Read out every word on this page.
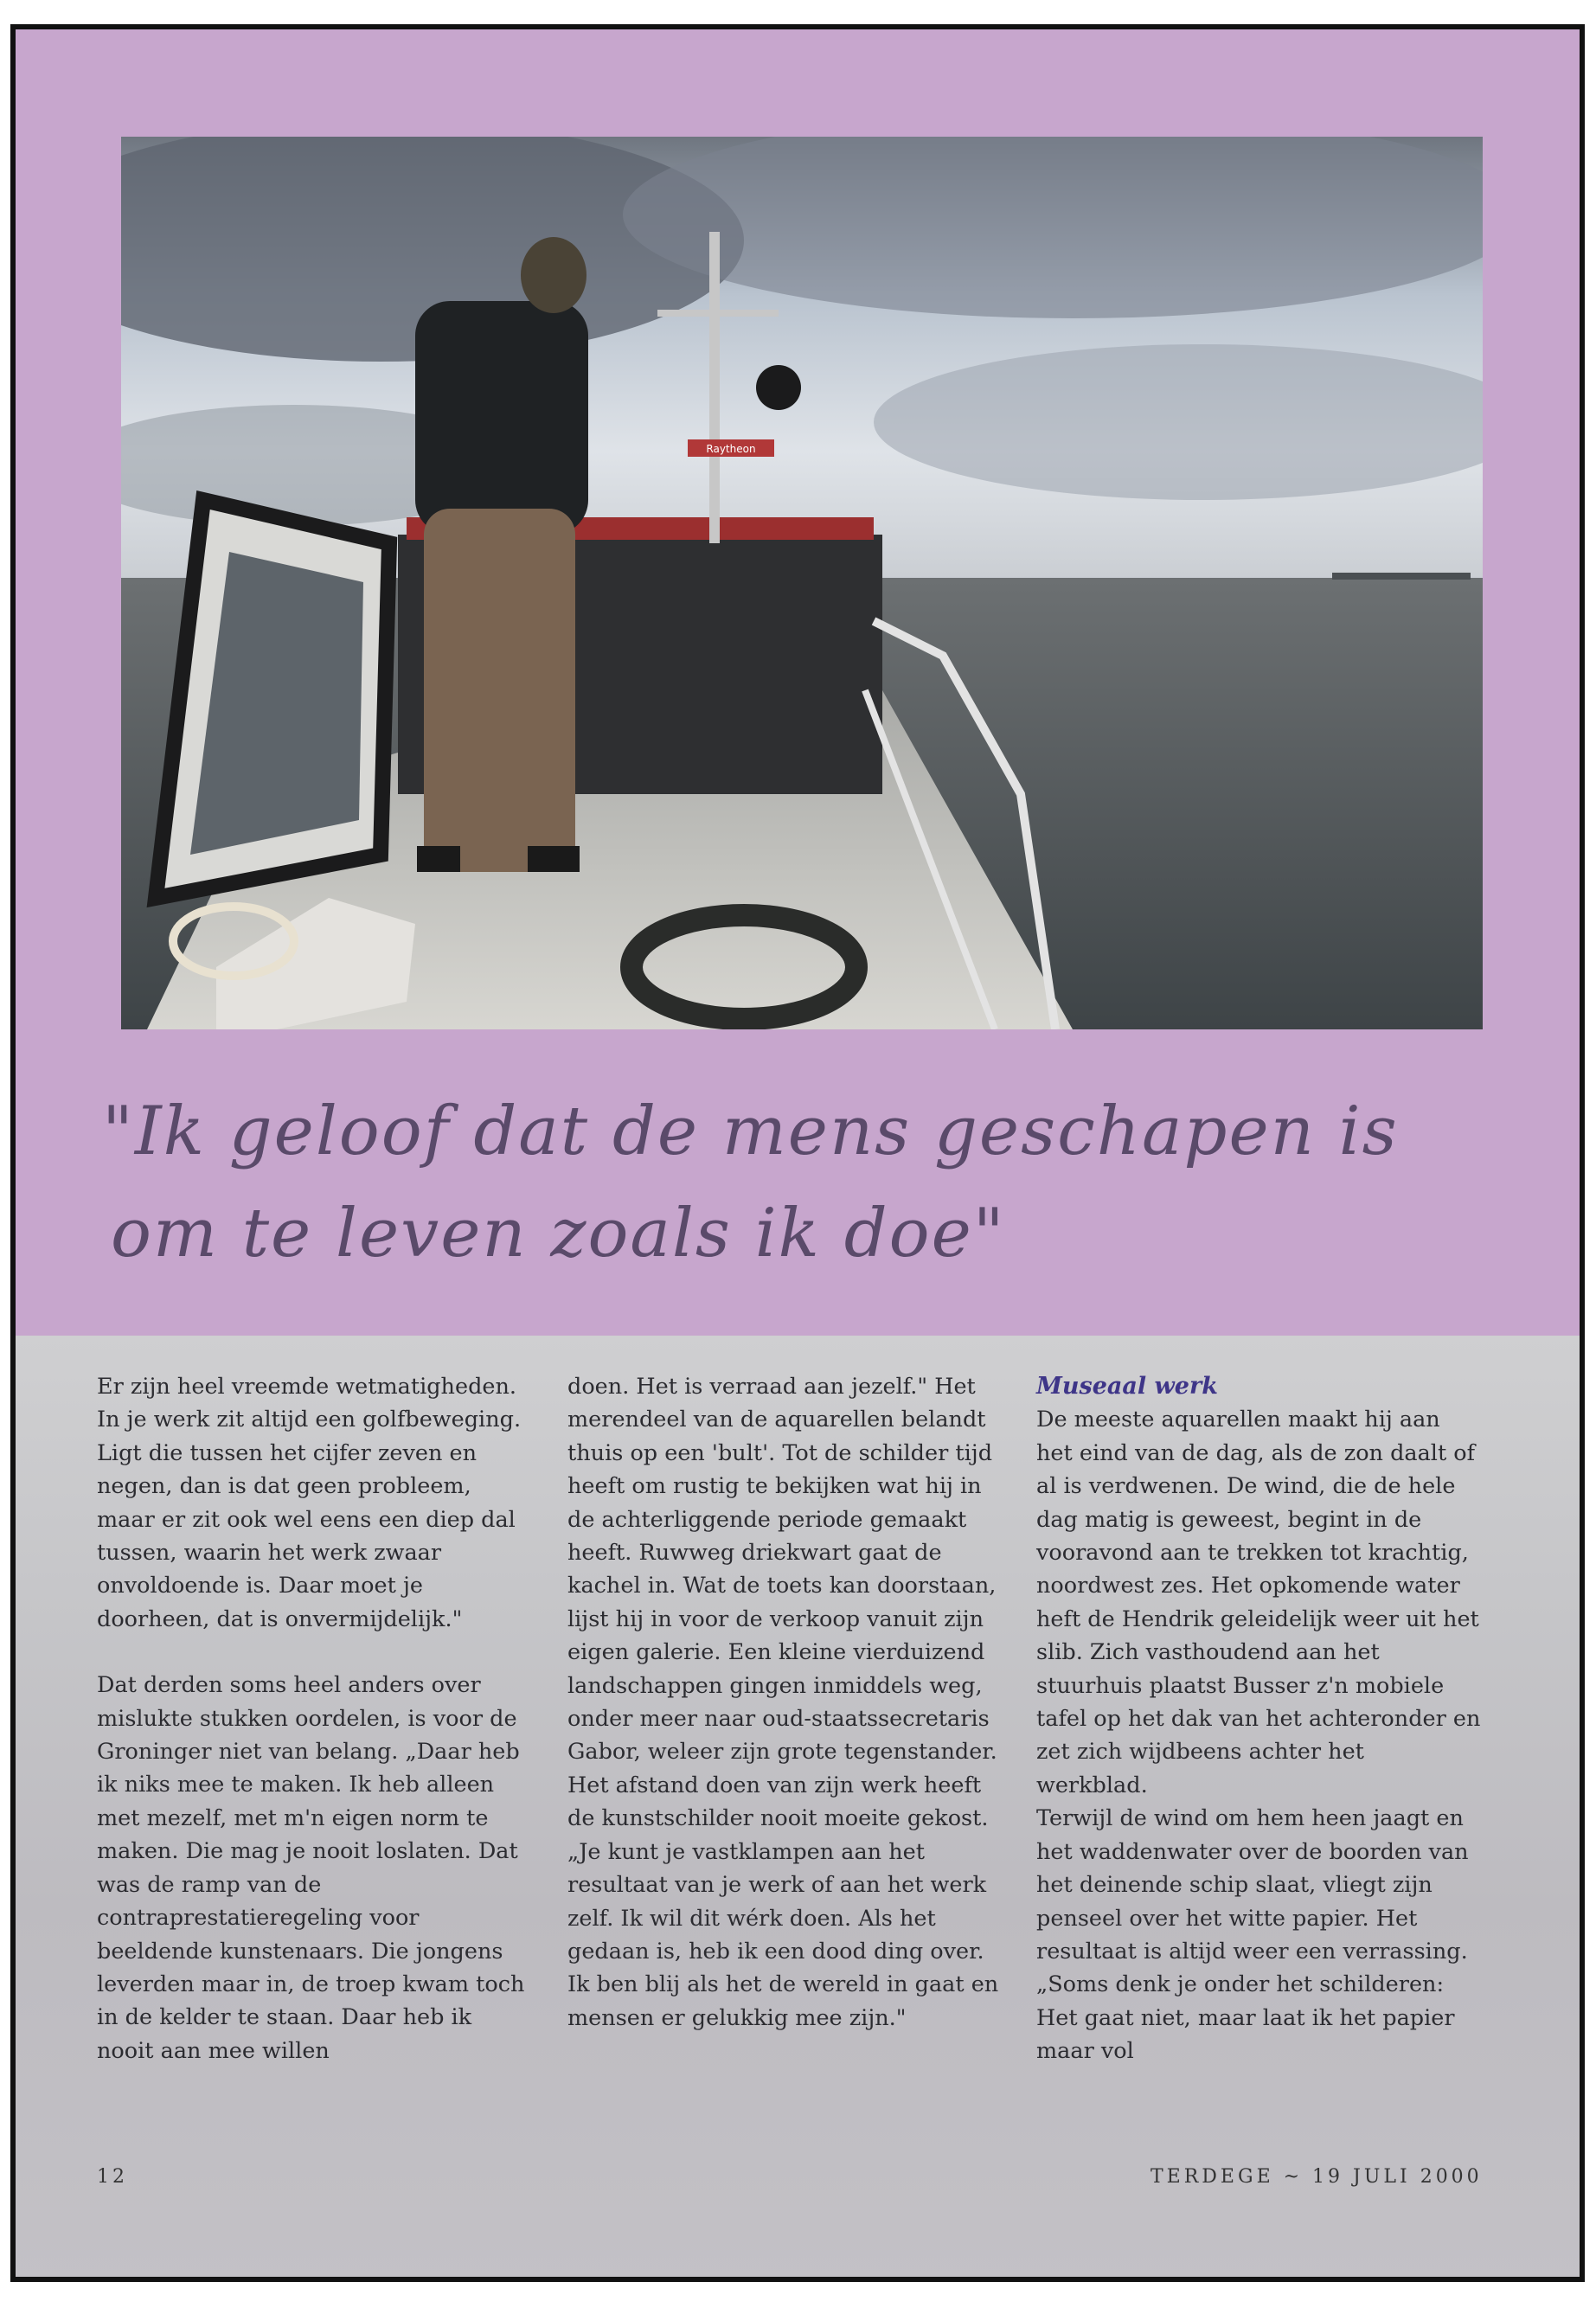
Raytheon
"Ik geloof dat de mens geschapen is
om te leven zoals ik doe"

Er zijn heel vreemde wetmatigheden. In je werk zit altijd een golfbeweging. Ligt die tussen het cijfer zeven en negen, dan is dat geen probleem, maar er zit ook wel eens een diep dal tussen, waarin het werk zwaar onvoldoende is. Daar moet je doorheen, dat is onvermijdelijk."

Dat derden soms heel anders over mislukte stukken oordelen, is voor de Groninger niet van belang. „Daar heb ik niks mee te maken. Ik heb alleen met mezelf, met m'n eigen norm te maken. Die mag je nooit loslaten. Dat was de ramp van de contraprestatieregeling voor beeldende kunstenaars. Die jongens leverden maar in, de troep kwam toch in de kelder te staan. Daar heb ik nooit aan mee willen

doen. Het is verraad aan jezelf." Het merendeel van de aquarellen belandt thuis op een 'bult'. Tot de schilder tijd heeft om rustig te bekijken wat hij in de achterliggende periode gemaakt heeft. Ruwweg driekwart gaat de kachel in. Wat de toets kan doorstaan, lijst hij in voor de verkoop vanuit zijn eigen galerie. Een kleine vierduizend landschappen gingen inmiddels weg, onder meer naar oud-staatssecretaris Gabor, weleer zijn grote tegenstander. Het afstand doen van zijn werk heeft de kunstschilder nooit moeite gekost. „Je kunt je vastklampen aan het resultaat van je werk of aan het werk zelf. Ik wil dit wérk doen. Als het gedaan is, heb ik een dood ding over. Ik ben blij als het de wereld in gaat en mensen er gelukkig mee zijn."

Museaal werk

De meeste aquarellen maakt hij aan het eind van de dag, als de zon daalt of al is verdwenen. De wind, die de hele dag matig is geweest, begint in de vooravond aan te trekken tot krachtig, noordwest zes. Het opkomende water heft de Hendrik geleidelijk weer uit het slib. Zich vasthoudend aan het stuurhuis plaatst Busser z'n mobiele tafel op het dak van het achteronder en zet zich wijdbeens achter het werkblad.

Terwijl de wind om hem heen jaagt en het waddenwater over de boorden van het deinende schip slaat, vliegt zijn penseel over het witte papier. Het resultaat is altijd weer een verrassing. „Soms denk je onder het schilderen: Het gaat niet, maar laat ik het papier maar vol

12	TERDEGE ~ 19 JULI 2000
